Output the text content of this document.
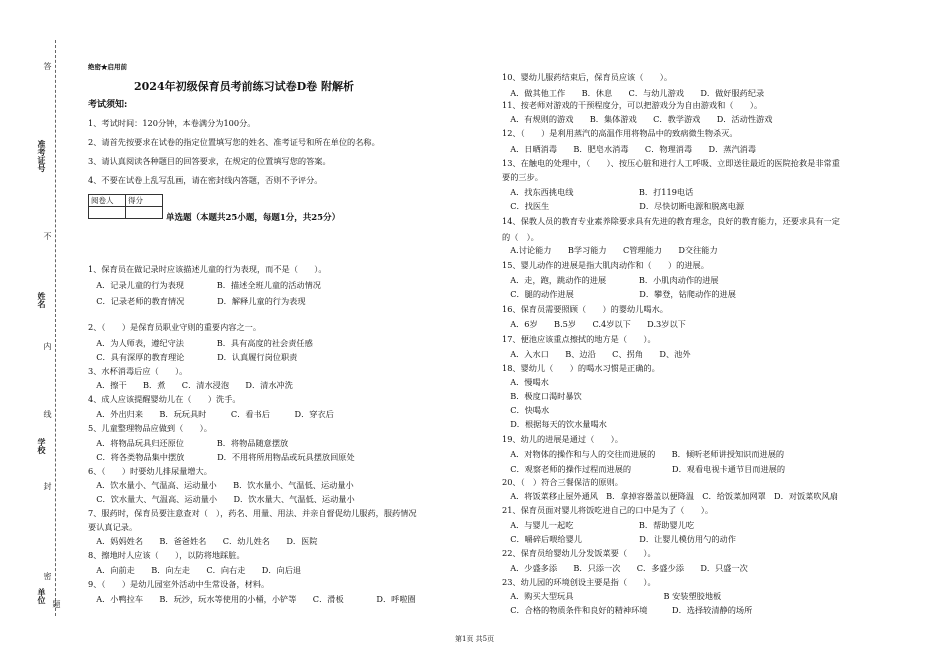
准考证号
姓名
学校
单位 题
答
不
内
线
封
密
绝密★启用前
2024年初级保育员考前练习试卷D卷 附解析
考试须知:
1、考试时间：120分钟，本卷满分为100分。
2、请首先按要求在试卷的指定位置填写您的姓名、准考证号和所在单位的名称。
3、请认真阅读各种题目的回答要求，在规定的位置填写您的答案。
4、不要在试卷上乱写乱画，请在密封线内答题，否则不予评分。
阅卷人	得分

单选题（本题共25小题，每题1分，共25分）
1、保育员在做记录时应该描述儿童的行为表现，而不是（　　）。
　A．记录儿童的行为表现　　　　B．描述全班儿童的活动情况
　C．记录老师的教育情况　　　　D．解释儿童的行为表现
2、（　　）是保育员职业守则的重要内容之一。
　A．为人师表，遵纪守法　　　　B．具有高度的社会责任感
　C．具有深厚的教育理论　　　　D．认真履行岗位职责
3、水杯消毒后应（　　）。
　A．擦干　　B．煮　　C．清水浸泡　　D．清水冲洗
4、成人应该提醒婴幼儿在（　　）洗手。
　A．外出归来　　B．玩玩具时　　　C．看书后　　　D．穿衣后
5、儿童整理物品应做到（　　）。
　A．将物品玩具归还原位　　　　B．将物品随意摆放
　C．将各类物品集中摆放　　　　D．不用将所用物品或玩具摆放回原处
6、（　　）时要幼儿排尿量增大。
　A．饮水量小、气温高、运动量小　　B．饮水量小、气温低、运动量小
　C．饮水量大、气温高、运动量小　　D．饮水量大、气温低、运动量小
7、服药时，保育员要注意查对（　），药名、用量、用法、并亲自督促幼儿服药，服药情况
要认真记录。
　A．妈妈姓名　　B．爸爸姓名　　C．幼儿姓名　　D．医院
8、擦地时人应该（　　），以防将地踩脏。
　A．向前走　　B．向左走　　C．向右走　　D．向后退
9、（　　）是幼儿园室外活动中生常设备，材料。
　A．小鸭拉车　　B．玩沙，玩水等使用的小桶，小铲等　　C．滑板　　　　D．呼啦圈
10、婴幼儿服药结束后，保育员应该（　　）。
　A．做其他工作　　B．休息　　C．与幼儿游戏　　D．做好服药纪录
11、按老师对游戏的干预程度分，可以把游戏分为自由游戏和（　　）。
　A．有规则的游戏　　B．集体游戏　　C．教学游戏　　D．活动性游戏
12、（　　）是利用蒸汽的高温作用将物品中的致病微生物杀灭。
　A．日晒消毒　　B．肥皂水消毒　　C．物理消毒　　D．蒸汽消毒
13、在触电的处理中，（　　）、按压心脏和进行人工呼吸、立即送往最近的医院抢救是非常重
要的三步。
　A．找东西挑电线　　　　　　　　B．打119电话
　C．找医生　　　　　　　　　　　D．尽快切断电源和脱离电源
14、保教人员的教育专业素养除要求具有先进的教育理念，良好的教育能力，还要求具有一定
的（　）。
　A.讨论能力　　B学习能力　　C管理能力　　D交往能力
15、婴儿动作的进展是指大肌肉动作和（　　）的进展。
　A．走，跑，跳动作的进展　　　　B．小肌肉动作的进展
　C．腿的动作进展　　　　　　　　D．攀登，钻爬动作的进展
16、保育员需要照顾（　　）的婴幼儿喝水。
　A．6岁　　B.5岁　　C.4岁以下　　D.3岁以下
17、便池应该重点擦拭的地方是（　　）。
　A．入水口　　B、边沿　　C、拐角　　D、池外
18、婴幼儿（　　）的喝水习惯是正确的。
　A．慢喝水
　B．极度口渴时暴饮
　C．快喝水
　D．根据每天的饮水量喝水
19、幼儿的进展是通过（　　）。
　A．对物体的操作和与人的交往而进展的　　B．倾听老师讲授知识而进展的
　C．观察老师的操作过程而进展的　　　　　D．观看电视卡通节目而进展的
20、（　）符合三餐保洁的原则。
　A．将饭菜移止屋外通风　B．拿掉容器盖以便降温　C．给饭菜加网罩　D．对饭菜吹风扇
21、保育员面对婴儿将饭吃进自己的口中是为了（　　）。
　A．与婴儿一起吃　　　　　　　　B．帮助婴儿吃
　C．嚼碎后喂给婴儿　　　　　　　D．让婴儿模仿用勺的动作
22、保育员给婴幼儿分发饭菜要（　　）。
　A．少盛多添　　B．只添一次　　C．多盛少添　　D．只盛一次
23、幼儿园的环境创设主要是指（　　）。
　A．购买大型玩具　　　　　　　　　　　B 安装塑胶地板
　C．合格的物质条件和良好的精神环境　　　D．选择较清静的场所
第1页 共5页
